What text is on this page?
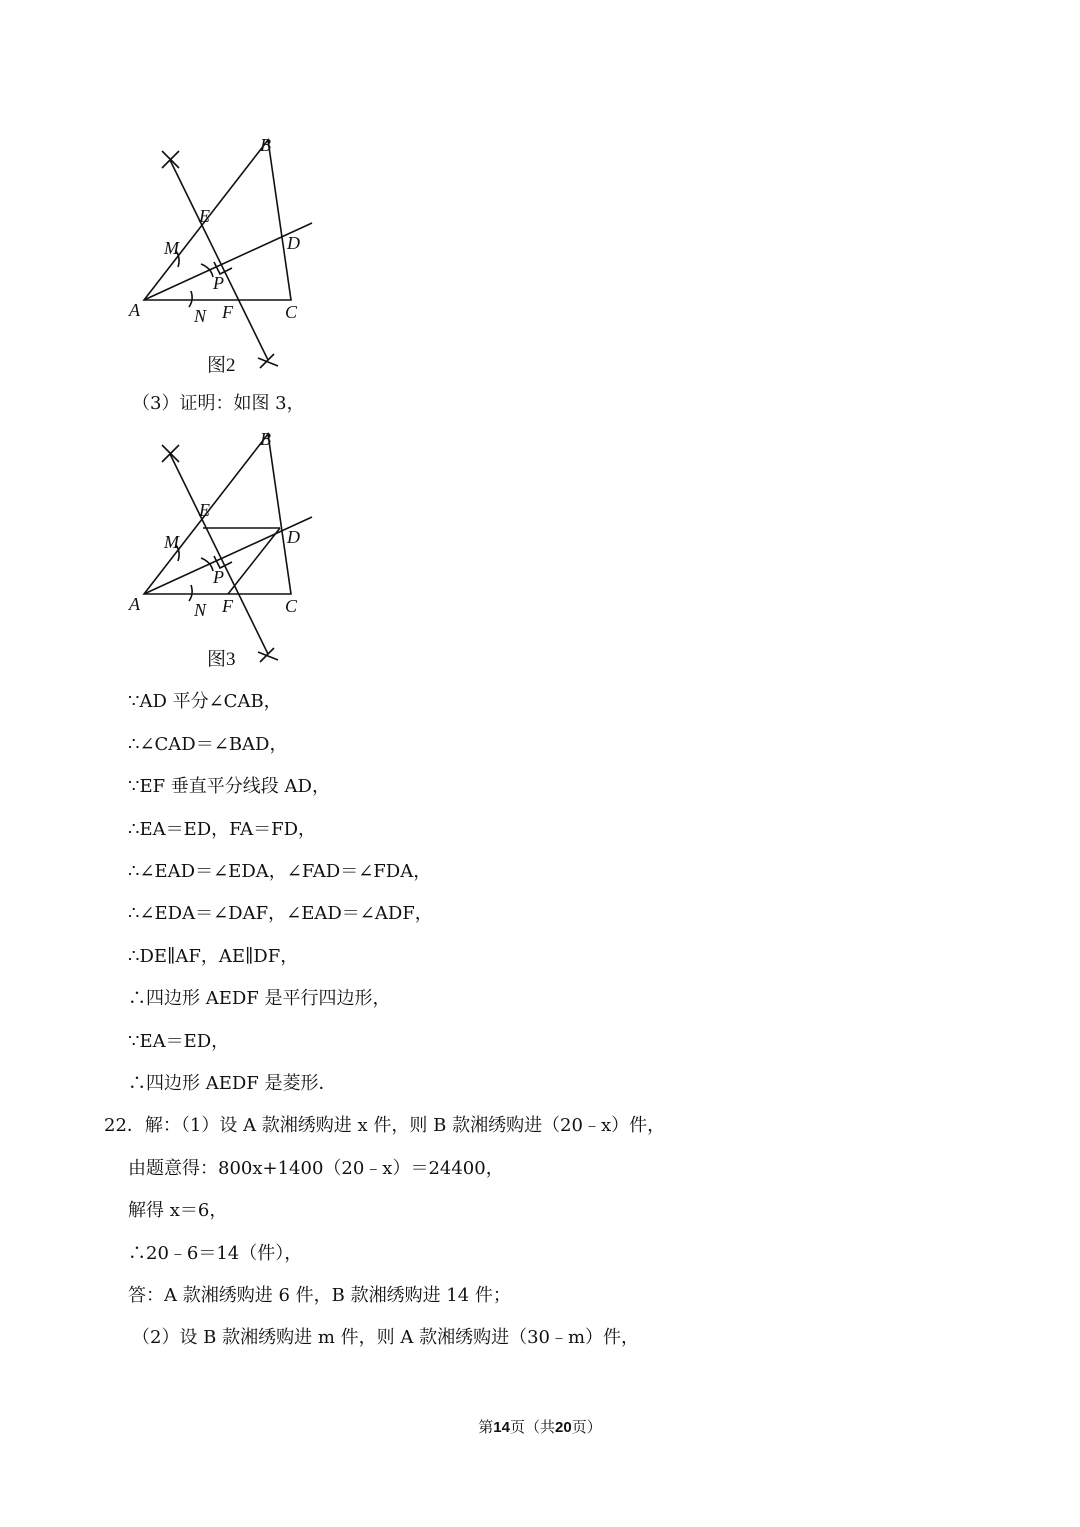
B
E
D
M
P
A	N F	C
图2
（3）证明：如图 3，
B
E
D
M
P
A	N F	C
图3
∵AD 平分∠CAB，
∴∠CAD＝∠BAD，
∵EF 垂直平分线段 AD，
∴EA＝ED，FA＝FD，
∴∠EAD＝∠EDA，∠FAD＝∠FDA，
∴∠EDA＝∠DAF，∠EAD＝∠ADF，
∴DE∥AF，AE∥DF，
∴四边形 AEDF 是平行四边形，
∵EA＝ED，
∴四边形 AEDF 是菱形．
22．解：（1）设 A 款湘绣购进 x 件，则 B 款湘绣购进（20﹣x）件，
由题意得：800x+1400（20﹣x）＝24400，
解得 x＝6，
∴20﹣6＝14（件），
答：A 款湘绣购进 6 件，B 款湘绣购进 14 件；
（2）设 B 款湘绣购进 m 件，则 A 款湘绣购进（30﹣m）件，
第14页（共20页）
